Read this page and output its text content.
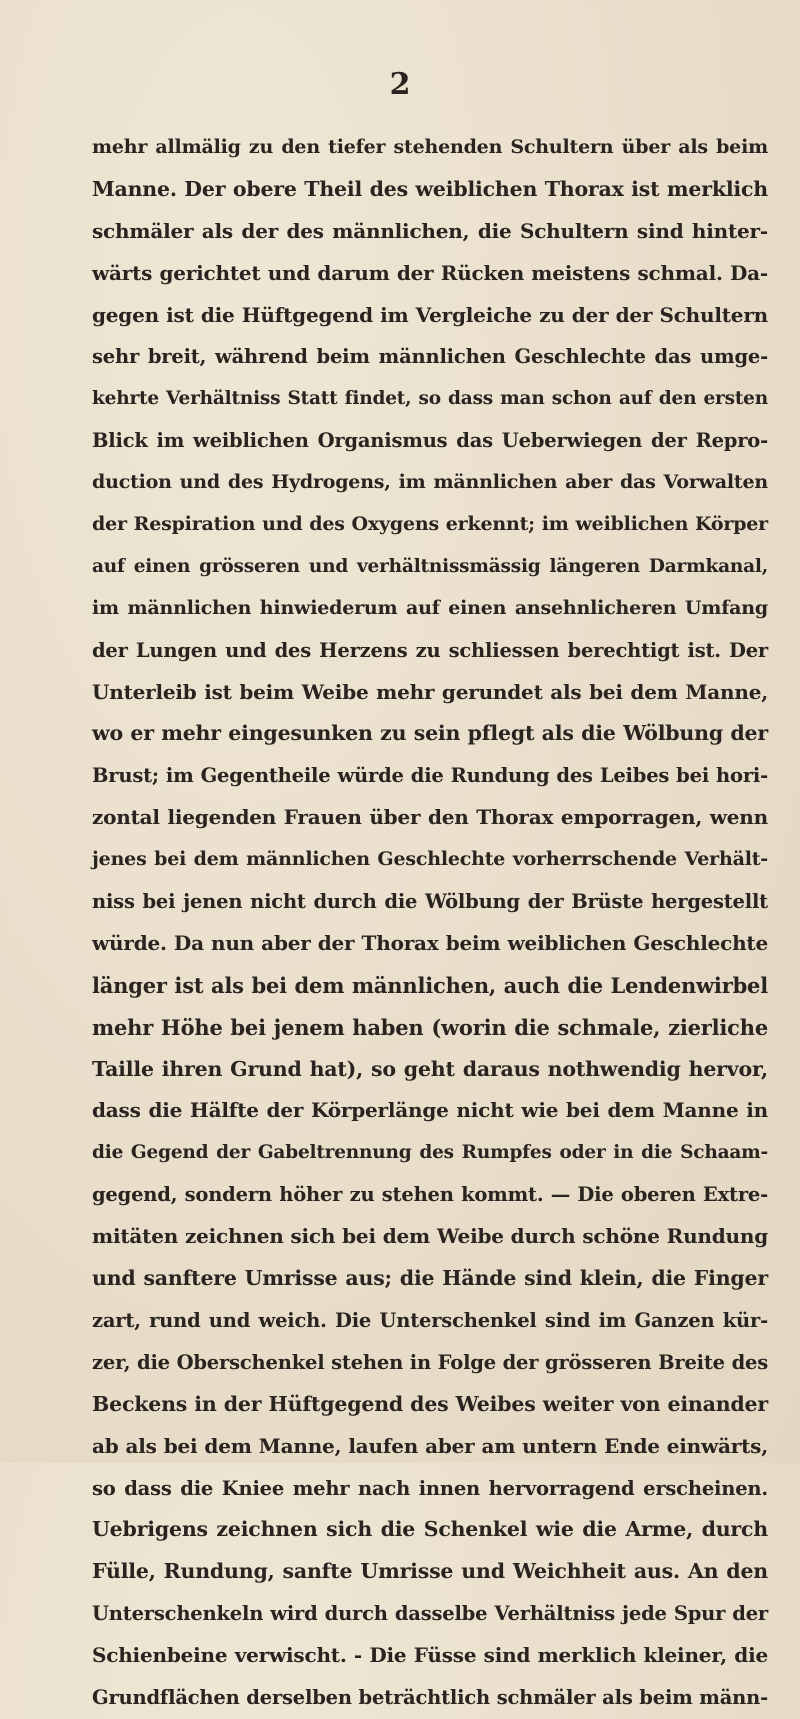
2
mehr allmälig zu den tiefer stehenden Schultern über als beim
Manne. Der obere Theil des weiblichen Thorax ist merklich
schmäler als der des männlichen, die Schultern sind hinter-
wärts gerichtet und darum der Rücken meistens schmal. Da-
gegen ist die Hüftgegend im Vergleiche zu der der Schultern
sehr breit, während beim männlichen Geschlechte das umge-
kehrte Verhältniss Statt findet, so dass man schon auf den ersten
Blick im weiblichen Organismus das Ueberwiegen der Repro-
duction und des Hydrogens, im männlichen aber das Vorwalten
der Respiration und des Oxygens erkennt; im weiblichen Körper
auf einen grösseren und verhältnissmässig längeren Darmkanal,
im männlichen hinwiederum auf einen ansehnlicheren Umfang
der Lungen und des Herzens zu schliessen berechtigt ist. Der
Unterleib ist beim Weibe mehr gerundet als bei dem Manne,
wo er mehr eingesunken zu sein pflegt als die Wölbung der
Brust; im Gegentheile würde die Rundung des Leibes bei hori-
zontal liegenden Frauen über den Thorax emporragen, wenn
jenes bei dem männlichen Geschlechte vorherrschende Verhält-
niss bei jenen nicht durch die Wölbung der Brüste hergestellt
würde. Da nun aber der Thorax beim weiblichen Geschlechte
länger ist als bei dem männlichen, auch die Lendenwirbel
mehr Höhe bei jenem haben (worin die schmale, zierliche
Taille ihren Grund hat), so geht daraus nothwendig hervor,
dass die Hälfte der Körperlänge nicht wie bei dem Manne in
die Gegend der Gabeltrennung des Rumpfes oder in die Schaam-
gegend, sondern höher zu stehen kommt. — Die oberen Extre-
mitäten zeichnen sich bei dem Weibe durch schöne Rundung
und sanftere Umrisse aus; die Hände sind klein, die Finger
zart, rund und weich. Die Unterschenkel sind im Ganzen kür-
zer, die Oberschenkel stehen in Folge der grösseren Breite des
Beckens in der Hüftgegend des Weibes weiter von einander
ab als bei dem Manne, laufen aber am untern Ende einwärts,
so dass die Kniee mehr nach innen hervorragend erscheinen.
Uebrigens zeichnen sich die Schenkel wie die Arme, durch
Fülle, Rundung, sanfte Umrisse und Weichheit aus. An den
Unterschenkeln wird durch dasselbe Verhältniss jede Spur der
Schienbeine verwischt. - Die Füsse sind merklich kleiner, die
Grundflächen derselben beträchtlich schmäler als beim männ-
